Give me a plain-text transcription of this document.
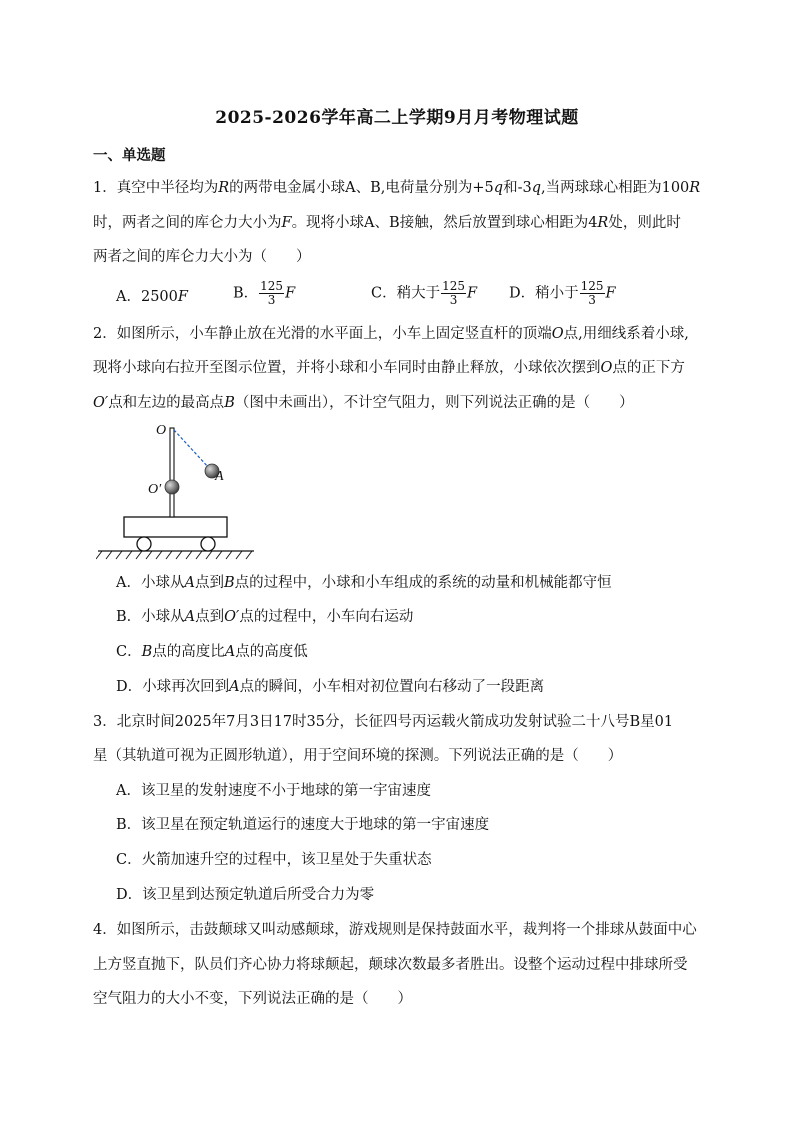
2025-2026学年高二上学期9月月考物理试题
一、单选题
1．真空中半径均为R的两带电金属小球A、B,电荷量分别为+5q和-3q,当两球球心相距为100R
时，两者之间的库仑力大小为F。现将小球A、B接触，然后放置到球心相距为4R处，则此时
两者之间的库仑力大小为（　　）
A．2500F	B． $\frac{125}{3}$ F	C．稍大于 $\frac{125}{3}$ F D．稍小于 $\frac{125}{3}$ F
2．如图所示，小车静止放在光滑的水平面上，小车上固定竖直杆的顶端O点,用细线系着小球,
现将小球向右拉开至图示位置，并将小球和小车同时由静止释放，小球依次摆到O点的正下方
O′点和左边的最高点B（图中未画出），不计空气阻力，则下列说法正确的是（　　）
O
O′
A
A．小球从A点到B点的过程中，小球和小车组成的系统的动量和机械能都守恒
B．小球从A点到O′点的过程中，小车向右运动
C．B点的高度比A点的高度低
D．小球再次回到A点的瞬间，小车相对初位置向右移动了一段距离
3．北京时间2025年7月3日17时35分，长征四号丙运载火箭成功发射试验二十八号B星01
星（其轨道可视为正圆形轨道），用于空间环境的探测。下列说法正确的是（　　）
A．该卫星的发射速度不小于地球的第一宇宙速度
B．该卫星在预定轨道运行的速度大于地球的第一宇宙速度
C．火箭加速升空的过程中，该卫星处于失重状态
D．该卫星到达预定轨道后所受合力为零
4．如图所示，击鼓颠球又叫动感颠球，游戏规则是保持鼓面水平，裁判将一个排球从鼓面中心
上方竖直抛下，队员们齐心协力将球颠起，颠球次数最多者胜出。设整个运动过程中排球所受
空气阻力的大小不变，下列说法正确的是（　　）
